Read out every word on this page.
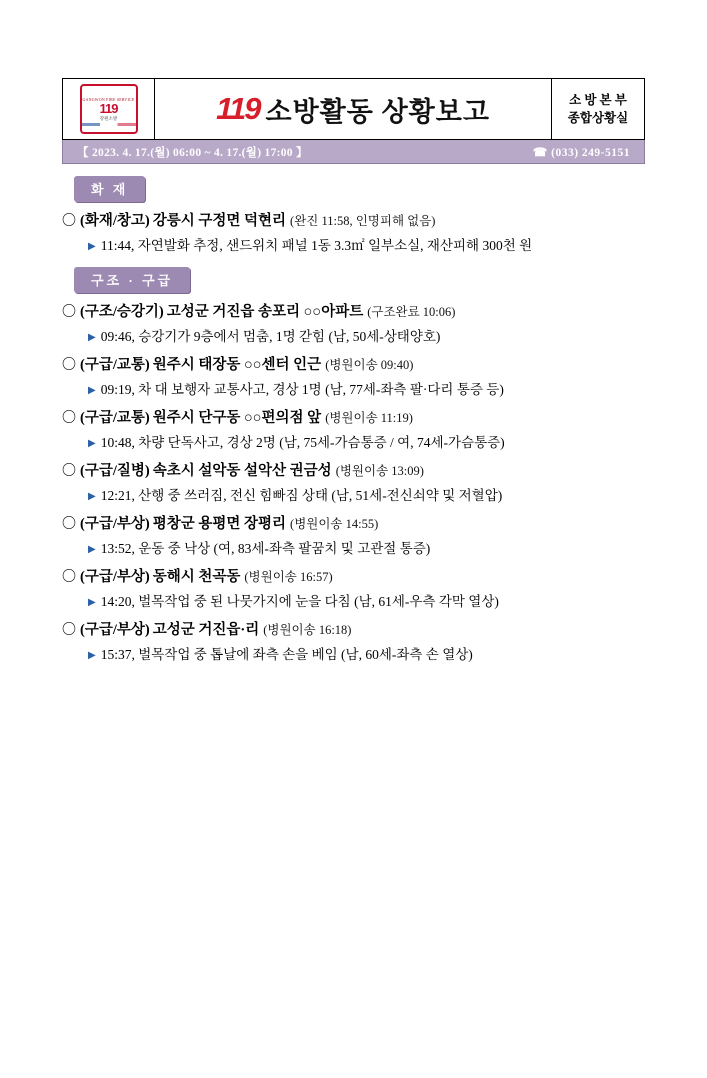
GANGWON FIRE SERVICE
119
강원소방	119 소방활동 상황보고	소 방 본 부
종합상황실
【 2023. 4. 17.(월) 06:00 ~ 4. 17.(월) 17:00 】	☎ (033) 249-5151
화 재
〇 (화재/창고) 강릉시 구정면 덕현리 (완진 11:58, 인명피해 없음)
▶ 11:44, 자연발화 추정, 샌드위치 패널 1동 3.3㎡ 일부소실, 재산피해 300천 원
구조 · 구급
〇 (구조/승강기) 고성군 거진읍 송포리 ○○아파트 (구조완료 10:06)
▶ 09:46, 승강기가 9층에서 멈춤, 1명 갇힘 (남, 50세-상태양호)
〇 (구급/교통) 원주시 태장동 ○○센터 인근 (병원이송 09:40)
▶ 09:19, 차 대 보행자 교통사고, 경상 1명 (남, 77세-좌측 팔·다리 통증 등)
〇 (구급/교통) 원주시 단구동 ○○편의점 앞 (병원이송 11:19)
▶ 10:48, 차량 단독사고, 경상 2명 (남, 75세-가슴통증 / 여, 74세-가슴통증)
〇 (구급/질병) 속초시 설악동 설악산 권금성 (병원이송 13:09)
▶ 12:21, 산행 중 쓰러짐, 전신 힘빠짐 상태 (남, 51세-전신쇠약 및 저혈압)
〇 (구급/부상) 평창군 용평면 장평리 (병원이송 14:55)
▶ 13:52, 운동 중 낙상 (여, 83세-좌측 팔꿈치 및 고관절 통증)
〇 (구급/부상) 동해시 천곡동 (병원이송 16:57)
▶ 14:20, 벌목작업 중 된 나뭇가지에 눈을 다침 (남, 61세-우측 각막 열상)
〇 (구급/부상) 고성군 거진읍·리 (병원이송 16:18)
▶ 15:37, 벌목작업 중 톱날에 좌측 손을 베임 (남, 60세-좌측 손 열상)
